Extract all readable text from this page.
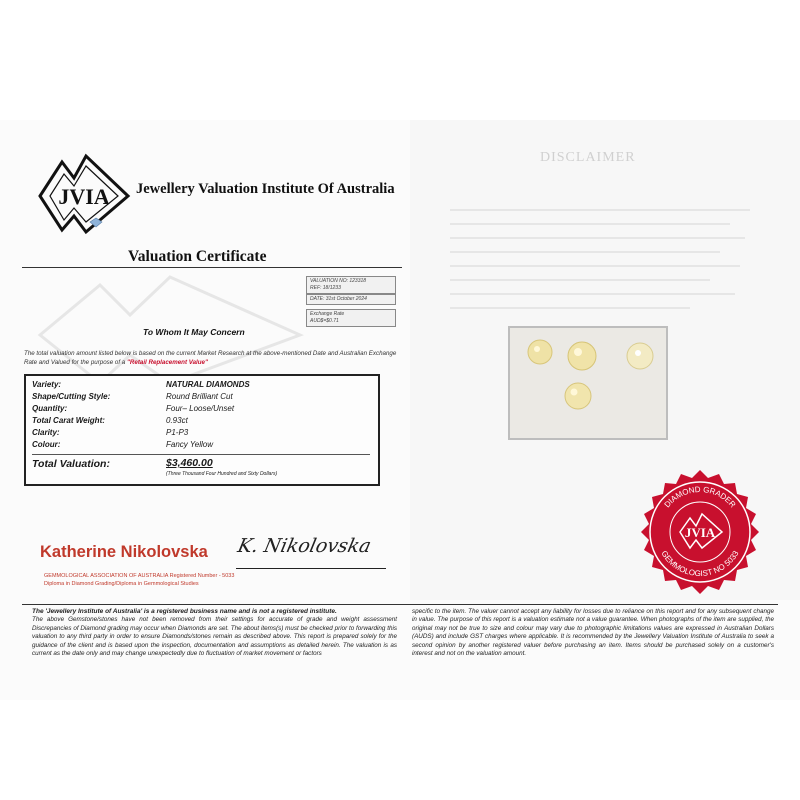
JVIA Jewellery Valuation Institute Of Australia
Valuation Certificate
VALUATION NO: 123318
REF: 18/1233
DATE: 31st October 2024
Exchange Rate
AUD$=$0.71
To Whom It May Concern
The total valuation amount listed below is based on the current Market Research at the above-mentioned Date and Australian Exchange Rate and Valued for the purpose of a "Retail Replacement Value"
Variety:	NATURAL DIAMONDS
Shape/Cutting Style:	Round Brilliant Cut
Quantity:	Four– Loose/Unset
Total Carat Weight:	0.93ct
Clarity:	P1-P3
Colour:	Fancy Yellow
Total Valuation:	$3,460.00
(Three Thousand Four Hundred and Sixty Dollars)
Katherine Nikolovska K. Nikolovska
GEMMOLOGICAL ASSOCIATION OF AUSTRALIA Registered Number - 5033
Diploma in Diamond Grading/Diploma in Gemmological Studies
DISCLAIMER
DIAMOND GRADER
GEMMOLOGIST NO 5033
JVIA
The 'Jewellery Institute of Australia' is a registered business name and is not a registered institute.
The above Gemstone/stones have not been removed from their settings for accurate of grade and weight assessment Discrepancies of Diamond grading may occur when Diamonds are set. The about items(s) must be checked prior to forwarding this valuation to any third party in order to ensure Diamonds/stones remain as described above. This report is prepared solely for the guidance of the client and is based upon the inspection, documentation and assumptions as detailed herein. The valuation is as current as the date only and may change unexpectedly due to fluctuation of market movement or factors
specific to the item. The valuer cannot accept any liability for losses due to reliance on this report and for any subsequent change in value. The purpose of this report is a valuation estimate not a value guarantee. When photographs of the item are supplied, the original may not be true to size and colour may vary due to photographic limitations values are expressed in Australian Dollars (AUDS) and include GST charges where applicable. It is recommended by the Jewellery Valuation Institute of Australia to seek a second opinion by another registered valuer before purchasing an item. Items should be purchased solely on a customer's interest and not on the valuation amount.
